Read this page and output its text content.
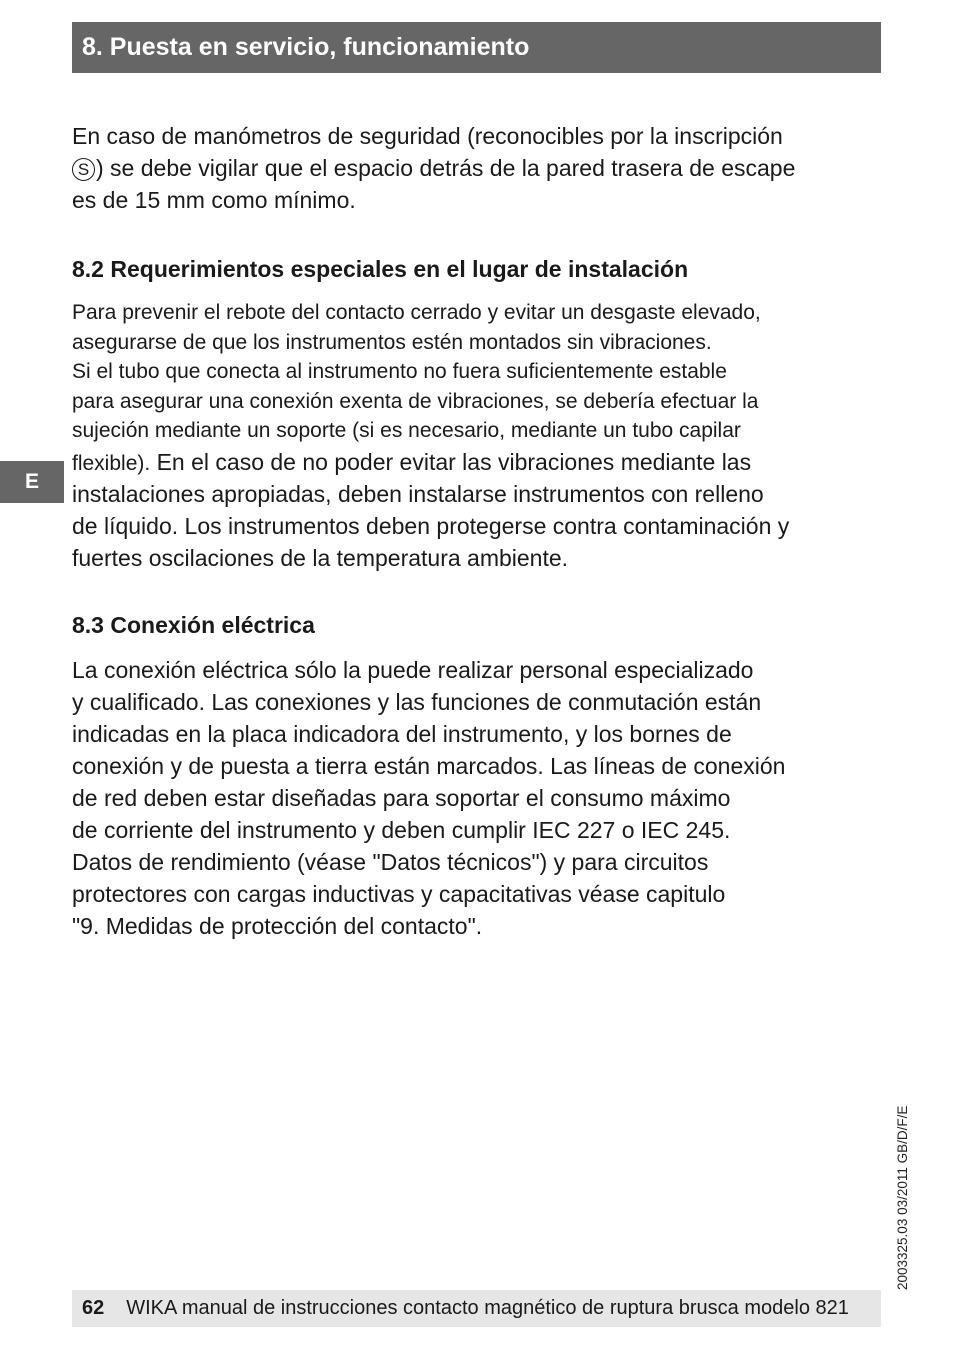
8. Puesta en servicio, funcionamiento
E

En caso de manómetros de seguridad (reconocibles por la inscripción
S ) se debe vigilar que el espacio detrás de la pared trasera de escape
es de 15 mm como mínimo.

8.2 Requerimientos especiales en el lugar de instalación

Para prevenir el rebote del contacto cerrado y evitar un desgaste elevado,
asegurarse de que los instrumentos estén montados sin vibraciones.
Si el tubo que conecta al instrumento no fuera suficientemente estable
para asegurar una conexión exenta de vibraciones, se debería efectuar la
sujeción mediante un soporte (si es necesario, mediante un tubo capilar
flexible). En el caso de no poder evitar las vibraciones mediante las

instalaciones apropiadas, deben instalarse instrumentos con relleno
de líquido. Los instrumentos deben protegerse contra contaminación y
fuertes oscilaciones de la temperatura ambiente.

8.3 Conexión eléctrica

La conexión eléctrica sólo la puede realizar personal especializado
y cualificado. Las conexiones y las funciones de conmutación están
indicadas en la placa indicadora del instrumento, y los bornes de
conexión y de puesta a tierra están marcados. Las líneas de conexión
de red deben estar diseñadas para soportar el consumo máximo
de corriente del instrumento y deben cumplir IEC 227 o IEC 245.
Datos de rendimiento (véase "Datos técnicos") y para circuitos
protectores con cargas inductivas y capacitativas véase capitulo
"9. Medidas de protección del contacto".

2003325.03 03/2011 GB/D/F/E
62 WIKA manual de instrucciones contacto magnético de ruptura brusca modelo 821
